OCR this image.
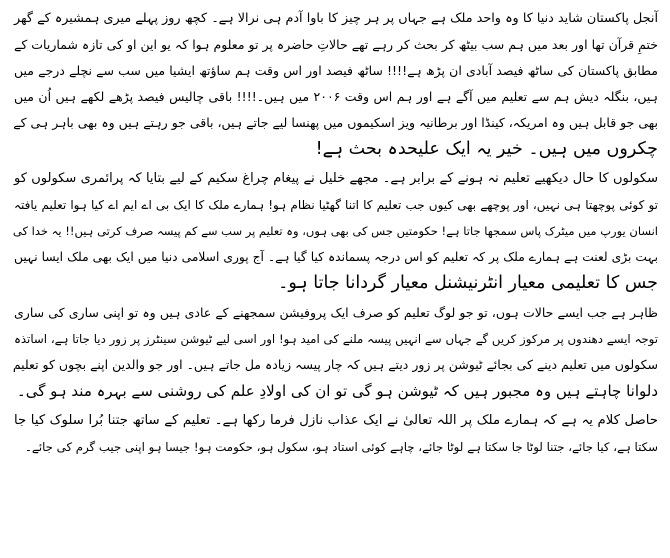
آنجل پاکستان شاید دنیا کا وہ واحد ملک ہے جہاں پر ہر چیز کا باوا آدم ہی نرالا ہے۔ کچھ روز پہلے میری ہمشیرہ کے گھر
ختمِ قرآن تھا اور بعد میں ہم سب بیٹھ کر بحث کر رہے تھے حالاتِ حاضرہ پر تو معلوم ہوا کہ یو این او کی تازہ شماریات کے
مطابق پاکستان کی ساٹھ فیصد آبادی ان پڑھ ہے!!!! ساٹھ فیصد اور اس وقت ہم ساؤتھ ایشیا میں سب سے نچلے درجے میں
ہیں، بنگلہ دیش ہم سے تعلیم میں آگے ہے اور ہم اس وقت ۲۰۰۶ میں ہیں۔!!!! باقی چالیس فیصد پڑھے لکھے ہیں اُن میں
بھی جو قابل ہیں وہ امریکہ، کینڈا اور برطانیہ ویز اسکیموں میں پھنسا لیے جاتے ہیں، باقی جو رہتے ہیں وہ بھی باہر ہی کے
چکروں میں ہیں۔ خیر یہ ایک علیحدہ بحث ہے!
سکولوں کا حال دیکھیے تعلیم نہ ہونے کے برابر ہے۔ مجھے خلیل نے پیغام چراغ سکیم کے لیے بتایا کہ پرائمری سکولوں کو
تو کوئی پوچھتا ہی نہیں، اور پوچھے بھی کیوں جب تعلیم کا اتنا گھٹیا نظام ہو! ہمارے ملک کا ایک بی اے ایم اے کیا ہوا تعلیم یافتہ
انسان یورپ میں میٹرک پاس سمجھا جاتا ہے! حکومتیں جس کی بھی ہوں، وہ تعلیم پر سب سے کم پیسہ صرف کرتی ہیں!! یہ خدا کی
بہت بڑی لعنت ہے ہمارے ملک پر کہ تعلیم کو اس درجہ پسماندہ کیا گیا ہے۔ آج پوری اسلامی دنیا میں ایک بھی ملک ایسا نہیں
جس کا تعلیمی معیار انٹرنیشنل معیار گردانا جاتا ہو۔
ظاہر ہے جب ایسے حالات ہوں، تو جو لوگ تعلیم کو صرف ایک پروفیشن سمجھنے کے عادی ہیں وہ تو اپنی ساری کی ساری
توجہ ایسے دھندوں پر مرکوز کریں گے جہاں سے انہیں پیسہ ملنے کی امید ہو! اور اسی لیے ٹیوشن سینٹرز پر زور دیا جاتا ہے، اساتذہ
سکولوں میں تعلیم دینے کی بجائے ٹیوشن پر زور دیتے ہیں کہ چار پیسہ زیادہ مل جاتے ہیں۔ اور جو والدین اپنے بچوں کو تعلیم
دلوانا چاہتے ہیں وہ مجبور ہیں کہ ٹیوشن ہو گی تو ان کی اولادِ علم کی روشنی سے بہرہ مند ہو گی۔
حاصل کلام یہ ہے کہ ہمارے ملک پر اللہ تعالیٰ نے ایک عذاب نازل فرما رکھا ہے۔ تعلیم کے ساتھ جتنا بُرا سلوک کیا جا
سکتا ہے، کیا جائے، جتنا لوٹا جا سکتا ہے لوٹا جائے، چاہے کوئی استاد ہو، سکول ہو، حکومت ہو! جیسا ہو اپنی جیب گرم کی جائے۔
